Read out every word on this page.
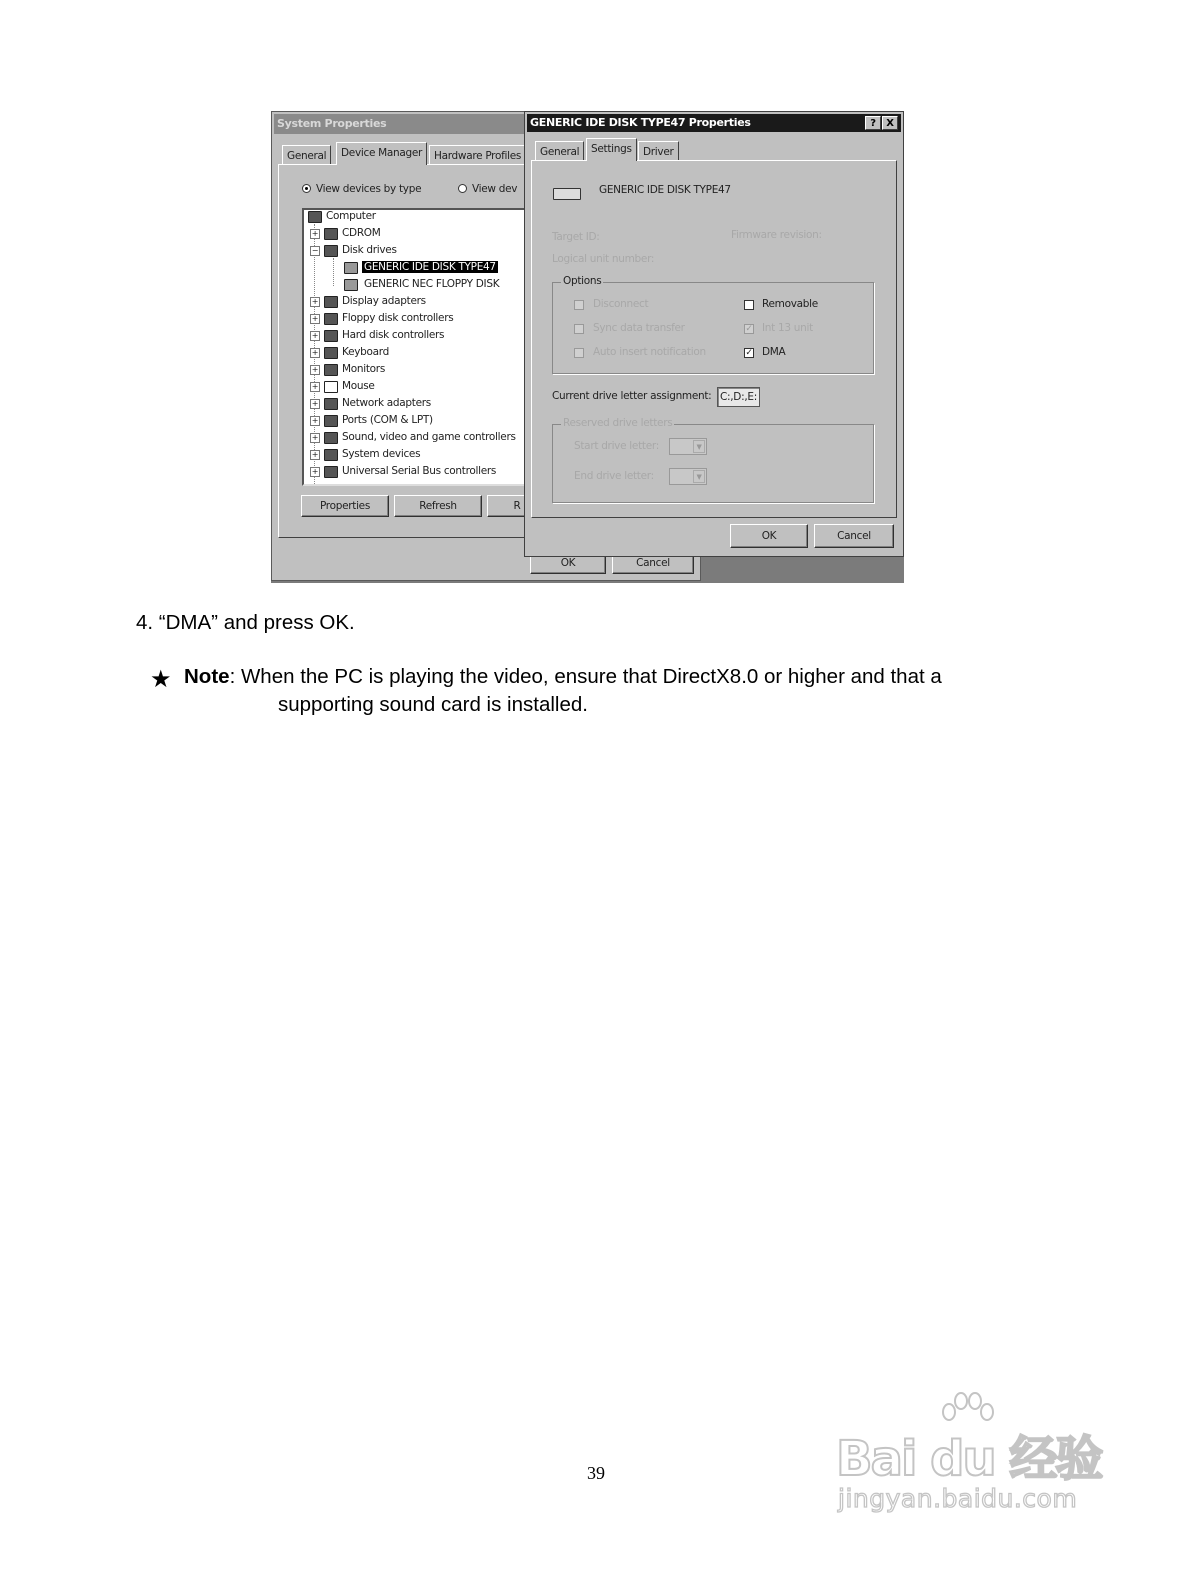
System Properties
General	Device Manager	Hardware Profiles
View devices by type	View dev
Computer
+ CDROM
− Disk drives
GENERIC IDE DISK TYPE47
GENERIC NEC FLOPPY DISK
+ Display adapters
+ Floppy disk controllers
+ Hard disk controllers
+ Keyboard
+ Monitors
+ Mouse
+ Network adapters
+ Ports (COM & LPT)
+ Sound, video and game controllers
+ System devices
+ Universal Serial Bus controllers
Properties	Refresh	R
OK	Cancel
GENERIC IDE DISK TYPE47 Properties	?	X
General	Settings	Driver
GENERIC IDE DISK TYPE47
Target ID:	Firmware revision:
Logical unit number:
Options
Disconnect
Sync data transfer
Auto insert notification
Removable
✓ Int 13 unit
✓ DMA
Current drive letter assignment: C:,D:,E:
Reserved drive letters
Start drive letter:	▼
End drive letter:	▼
OK	Cancel
4. “DMA” and press OK.
★ Note: When the PC is playing the video, ensure that DirectX8.0 or higher and that a
supporting sound card is installed.
39	Bai du 经验
jingyan.baidu.com
